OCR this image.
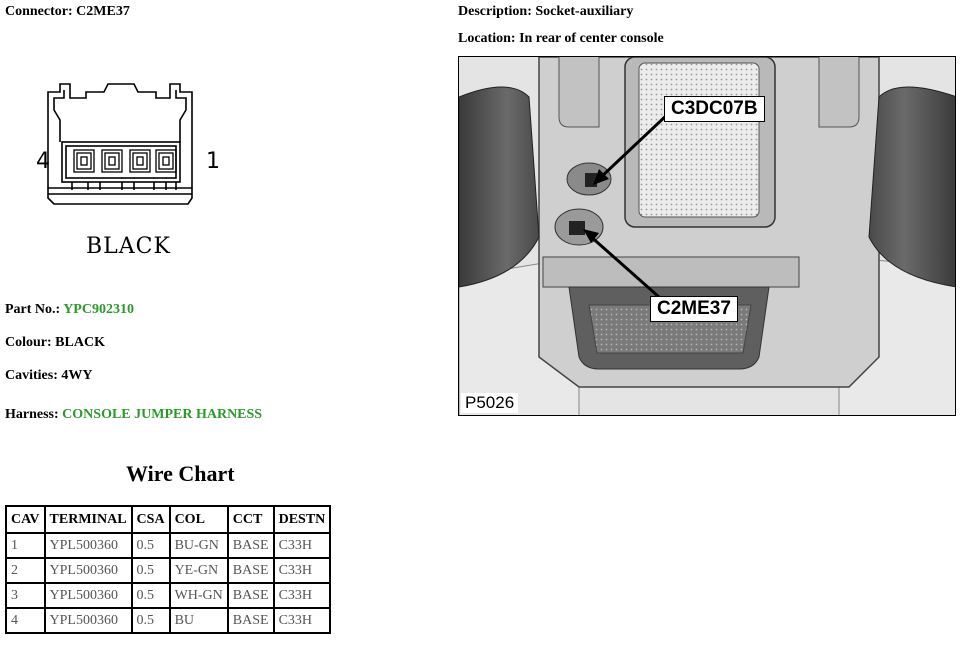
Connector: C2ME37	Description: Socket-auxiliary
Location: In rear of center console
4	1
BLACK
Part No.: YPC902310
Colour: BLACK
Cavities: 4WY
Harness: CONSOLE JUMPER HARNESS
Wire Chart
CAV	TERMINAL	CSA	COL	CCT	DESTN
1	YPL500360	0.5	BU-GN	BASE	C33H
2	YPL500360	0.5	YE-GN	BASE	C33H
3	YPL500360	0.5	WH-GN	BASE	C33H
4	YPL500360	0.5	BU	BASE	C33H
C3DC07B
C2ME37
P5026
